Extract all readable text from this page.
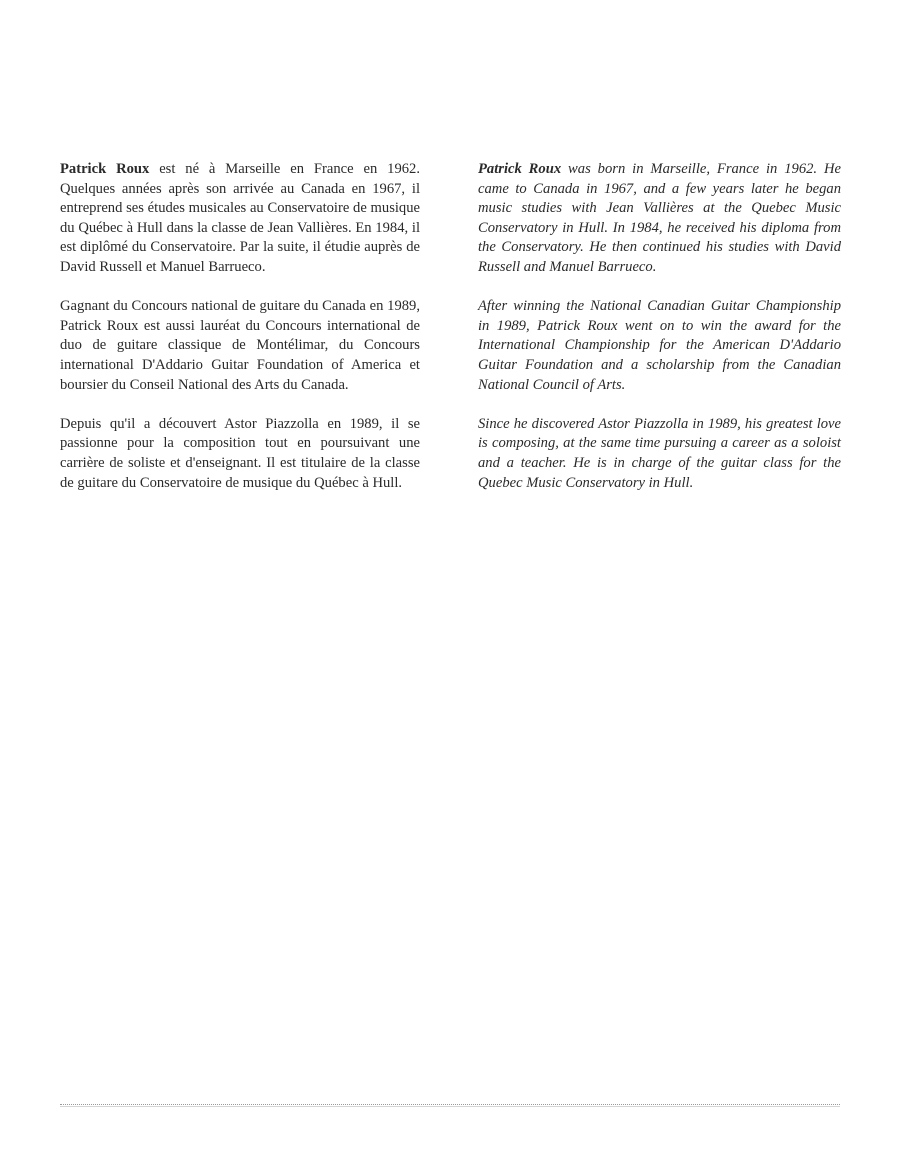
Patrick Roux est né à Marseille en France en 1962. Quelques années après son arrivée au Canada en 1967, il entreprend ses études musicales au Conservatoire de musique du Québec à Hull dans la classe de Jean Vallières. En 1984, il est diplômé du Conservatoire. Par la suite, il étudie auprès de David Russell et Manuel Barrueco.

Gagnant du Concours national de guitare du Canada en 1989, Patrick Roux est aussi lauréat du Concours international de duo de guitare classique de Montélimar, du Concours international D'Addario Guitar Foundation of America et boursier du Conseil National des Arts du Canada.

Depuis qu'il a découvert Astor Piazzolla en 1989, il se passionne pour la composition tout en poursuivant une carrière de soliste et d'enseignant. Il est titulaire de la classe de guitare du Conservatoire de musique du Québec à Hull.

Patrick Roux was born in Marseille, France in 1962. He came to Canada in 1967, and a few years later he began music studies with Jean Vallières at the Quebec Music Conservatory in Hull. In 1984, he received his diploma from the Conservatory. He then continued his studies with David Russell and Manuel Barrueco.

After winning the National Canadian Guitar Championship in 1989, Patrick Roux went on to win the award for the International Championship for the American D'Addario Guitar Foundation and a scholarship from the Canadian National Council of Arts.

Since he discovered Astor Piazzolla in 1989, his greatest love is composing, at the same time pursuing a career as a soloist and a teacher. He is in charge of the guitar class for the Quebec Music Conservatory in Hull.
